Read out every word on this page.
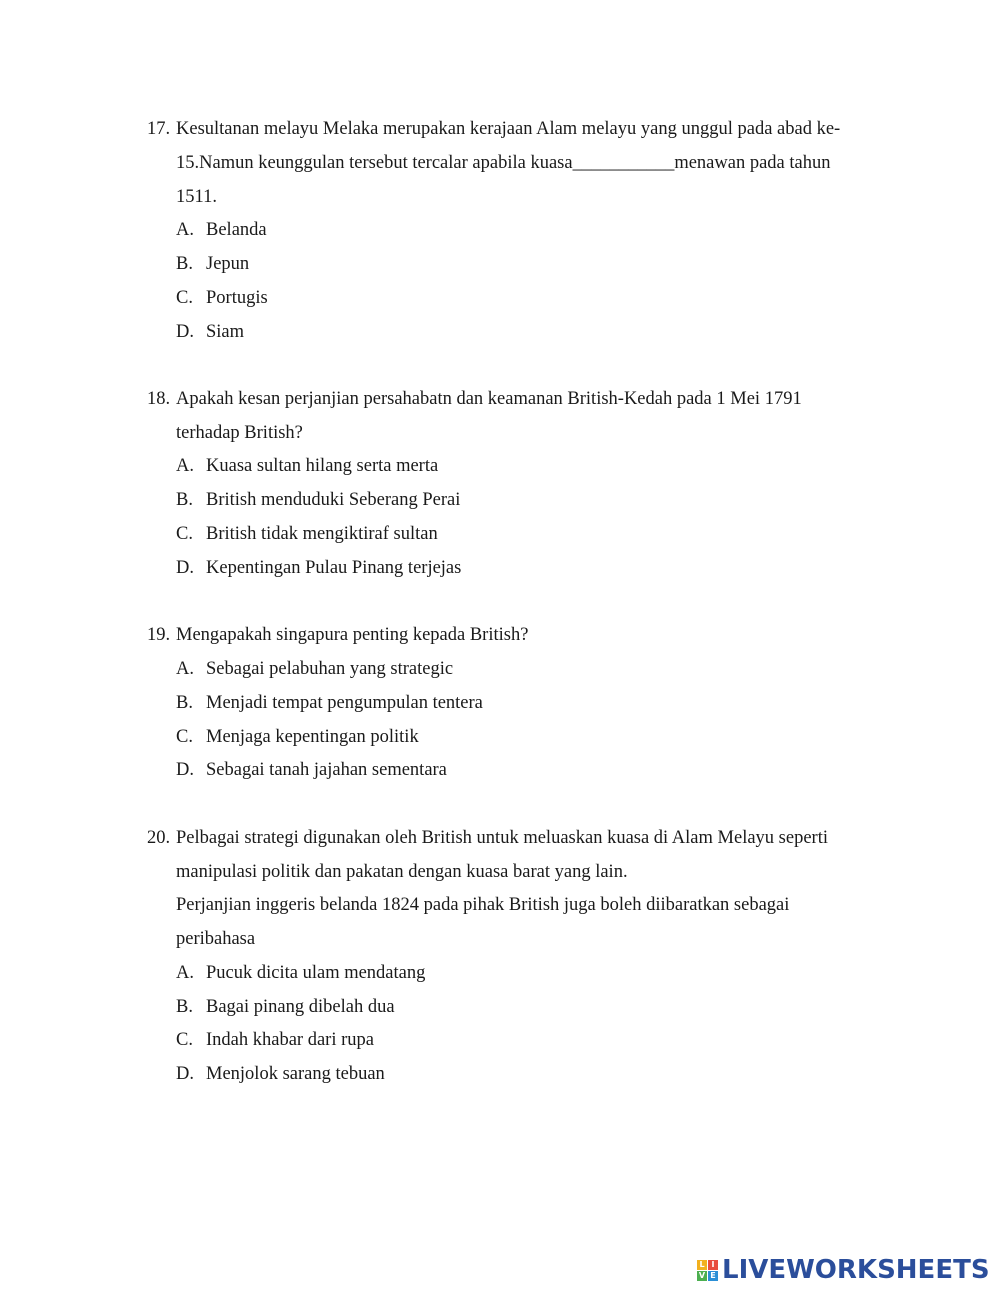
17. Kesultanan melayu Melaka merupakan kerajaan Alam melayu yang unggul pada abad ke-
15.Namun keunggulan tersebut tercalar apabila kuasa___________menawan pada tahun
1511.
A. Belanda
B. Jepun
C. Portugis
D. Siam
18. Apakah kesan perjanjian persahabatn dan keamanan British-Kedah pada 1 Mei 1791
terhadap British?
A. Kuasa sultan hilang serta merta
B. British menduduki Seberang Perai
C. British tidak mengiktiraf sultan
D. Kepentingan Pulau Pinang terjejas
19. Mengapakah singapura penting kepada British?
A. Sebagai pelabuhan yang strategic
B. Menjadi tempat pengumpulan tentera
C. Menjaga kepentingan politik
D. Sebagai tanah jajahan sementara
20. Pelbagai strategi digunakan oleh British untuk meluaskan kuasa di Alam Melayu seperti
manipulasi politik dan pakatan dengan kuasa barat yang lain.
Perjanjian inggeris belanda 1824 pada pihak British juga boleh diibaratkan sebagai
peribahasa
A. Pucuk dicita ulam mendatang
B. Bagai pinang dibelah dua
C. Indah khabar dari rupa
D. Menjolok sarang tebuan
L I
V E LIVEWORKSHEETS
